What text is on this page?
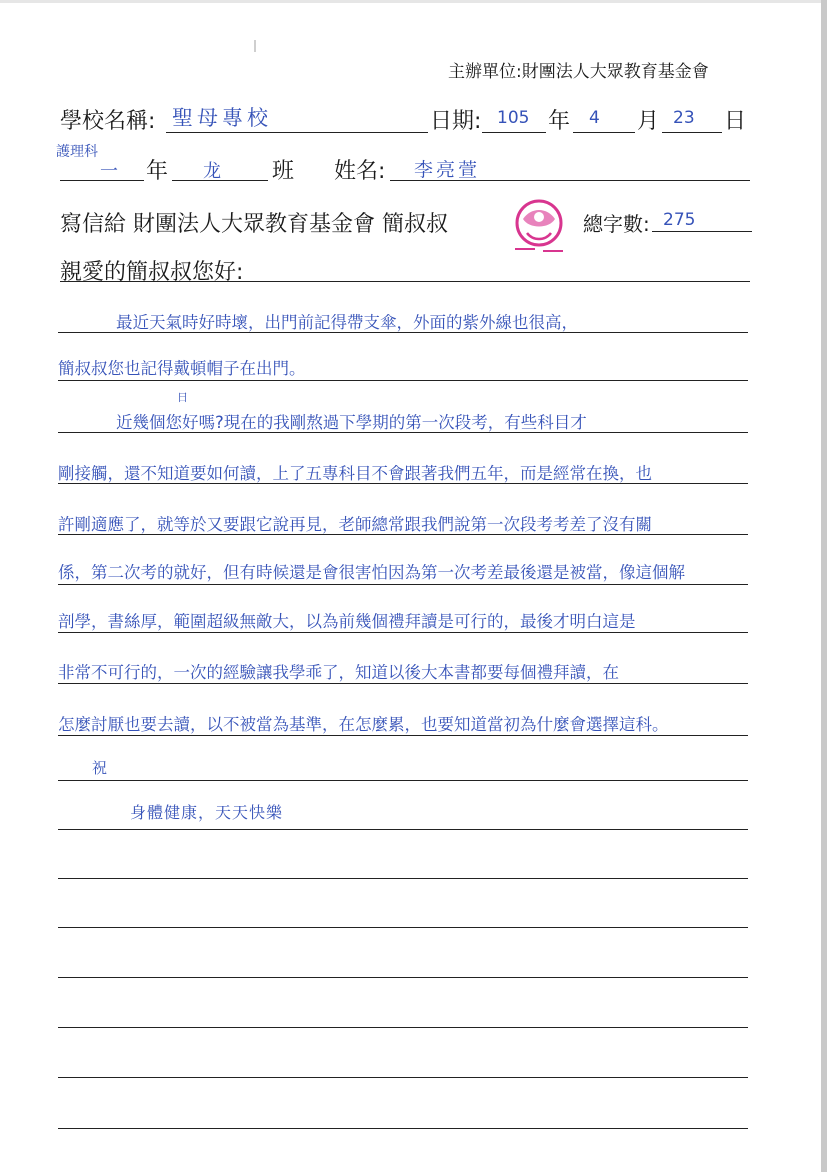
主辦單位:財團法人大眾教育基金會
學校名稱: 聖母專校	日期: 105 年 4 月 23 日
護理科
一 年 龙 班 姓名: 李亮萱
寫信給 財團法人大眾教育基金會 簡叔叔	總字數: 275
親愛的簡叔叔您好:
最近天氣時好時壞，出門前記得帶支傘，外面的紫外線也很高，
簡叔叔您也記得戴頓帽子在出門。
日
近幾個您好嗎?現在的我剛熬過下學期的第一次段考，有些科目才
剛接觸，還不知道要如何讀，上了五專科目不會跟著我們五年，而是經常在換，也
許剛適應了，就等於又要跟它說再見，老師總常跟我們說第一次段考考差了沒有關
係，第二次考的就好，但有時候還是會很害怕因為第一次考差最後還是被當，像這個解
剖學，書絲厚，範圍超級無敵大，以為前幾個禮拜讀是可行的，最後才明白這是
非常不可行的，一次的經驗讓我學乖了，知道以後大本書都要每個禮拜讀，在
怎麼討厭也要去讀，以不被當為基準，在怎麼累，也要知道當初為什麼會選擇這科。
祝
身體健康，天天快樂
